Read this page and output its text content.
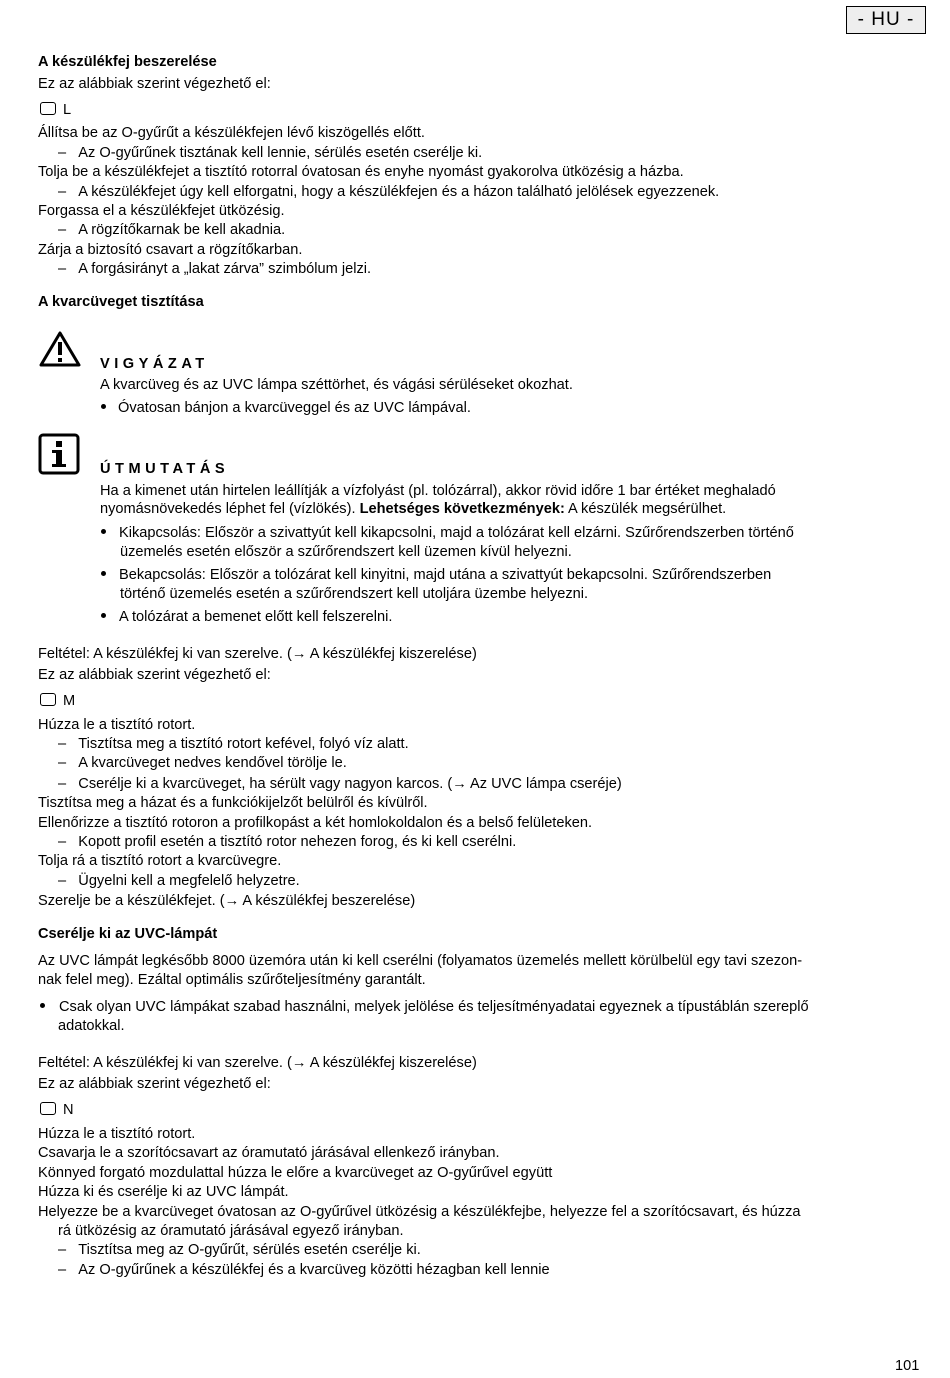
- HU -
A készülékfej beszerelése
Ez az alábbiak szerint végezhető el:
L
Állítsa be az O-gyűrűt a készülékfejen lévő kiszögellés előtt.
–   Az O-gyűrűnek tisztának kell lennie, sérülés esetén cserélje ki.
Tolja be a készülékfejet a tisztító rotorral óvatosan és enyhe nyomást gyakorolva ütközésig a házba.
–   A készülékfejet úgy kell elforgatni, hogy a készülékfejen és a házon található jelölések egyezzenek.
Forgassa el a készülékfejet ütközésig.
–   A rögzítőkarnak be kell akadnia.
Zárja a biztosító csavart a rögzítőkarban.
–   A forgásirányt a „lakat zárva” szimbólum jelzi.
A kvarcüveget tisztítása
VIGYÁZAT
A kvarcüveg és az UVC lámpa széttörhet, és vágási sérüléseket okozhat.
Óvatosan bánjon a kvarcüveggel és az UVC lámpával.
ÚTMUTATÁS
Ha a kimenet után hirtelen leállítják a vízfolyást (pl. tolózárral), akkor rövid időre 1 bar értéket meghaladó
nyomásnövekedés léphet fel (vízlökés). Lehetséges következmények: A készülék megsérülhet.
Kikapcsolás: Először a szivattyút kell kikapcsolni, majd a tolózárat kell elzárni. Szűrőrendszerben történő
üzemelés esetén először a szűrőrendszert kell üzemen kívül helyezni.
Bekapcsolás: Először a tolózárat kell kinyitni, majd utána a szivattyút bekapcsolni. Szűrőrendszerben
történő üzemelés esetén a szűrőrendszert kell utoljára üzembe helyezni.
A tolózárat a bemenet előtt kell felszerelni.
Feltétel: A készülékfej ki van szerelve. (→ A készülékfej kiszerelése)
Ez az alábbiak szerint végezhető el:
M
Húzza le a tisztító rotort.
–   Tisztítsa meg a tisztító rotort kefével, folyó víz alatt.
–   A kvarcüveget nedves kendővel törölje le.
–   Cserélje ki a kvarcüveget, ha sérült vagy nagyon karcos. (→ Az UVC lámpa cseréje)
Tisztítsa meg a házat és a funkciókijelzőt belülről és kívülről.
Ellenőrizze a tisztító rotoron a profilkopást a két homlokoldalon és a belső felületeken.
–   Kopott profil esetén a tisztító rotor nehezen forog, és ki kell cserélni.
Tolja rá a tisztító rotort a kvarcüvegre.
–   Ügyelni kell a megfelelő helyzetre.
Szerelje be a készülékfejet. (→ A készülékfej beszerelése)
Cserélje ki az UVC-lámpát
Az UVC lámpát legkésőbb 8000 üzemóra után ki kell cserélni (folyamatos üzemelés mellett körülbelül egy tavi szezon-
nak felel meg). Ezáltal optimális szűrőteljesítmény garantált.
Csak olyan UVC lámpákat szabad használni, melyek jelölése és teljesítményadatai egyeznek a típustáblán szereplő
adatokkal.
Feltétel: A készülékfej ki van szerelve. (→ A készülékfej kiszerelése)
Ez az alábbiak szerint végezhető el:
N
Húzza le a tisztító rotort.
Csavarja le a szorítócsavart az óramutató járásával ellenkező irányban.
Könnyed forgató mozdulattal húzza le előre a kvarcüveget az O-gyűrűvel együtt
Húzza ki és cserélje ki az UVC lámpát.
Helyezze be a kvarcüveget óvatosan az O-gyűrűvel ütközésig a készülékfejbe, helyezze fel a szorítócsavart, és húzza
rá ütközésig az óramutató járásával egyező irányban.
–   Tisztítsa meg az O-gyűrűt, sérülés esetén cserélje ki.
–   Az O-gyűrűnek a készülékfej és a kvarcüveg közötti hézagban kell lennie
101
